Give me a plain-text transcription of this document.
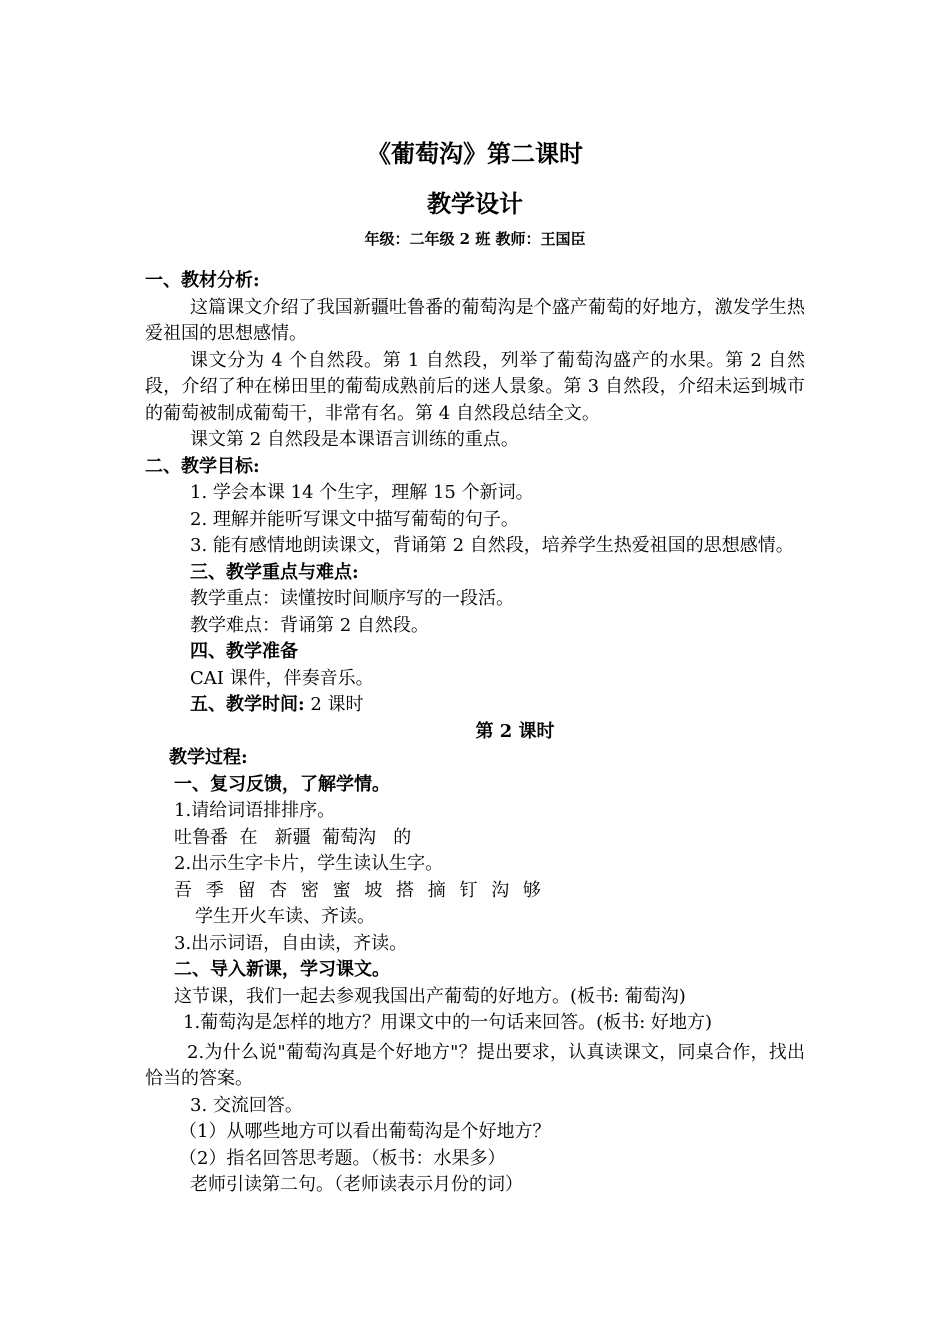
《葡萄沟》第二课时
教学设计
年级：二年级 2 班 教师：王国臣

一、教材分析:

这篇课文介绍了我国新疆吐鲁番的葡萄沟是个盛产葡萄的好地方，激发学生热爱祖国的思想感情。

课文分为 4 个自然段。第 1 自然段，列举了葡萄沟盛产的水果。第 2 自然段，介绍了种在梯田里的葡萄成熟前后的迷人景象。第 3 自然段，介绍未运到城市的葡萄被制成葡萄干，非常有名。第 4 自然段总结全文。

课文第 2 自然段是本课语言训练的重点。

二、教学目标:

1. 学会本课 14 个生字，理解 15 个新词。

2. 理解并能听写课文中描写葡萄的句子。

3. 能有感情地朗读课文，背诵第 2 自然段，培养学生热爱祖国的思想感情。

三、教学重点与难点:

教学重点：读懂按时间顺序写的一段活。

教学难点：背诵第 2 自然段。

四、教学准备

CAI 课件，伴奏音乐。

五、教学时间: 2 课时

第 2 课时

教学过程:

一、复习反馈，了解学情。

1.请给词语排排序。

吐鲁番  在   新疆  葡萄沟   的

2.出示生字卡片，学生读认生字。

吾 季 留 杏 密 蜜 坡 搭 摘 钉 沟 够

学生开火车读、齐读。

3.出示词语，自由读，齐读。

二、导入新课，学习课文。

这节课，我们一起去参观我国出产葡萄的好地方。(板书: 葡萄沟)

1.葡萄沟是怎样的地方？用课文中的一句话来回答。(板书: 好地方)

2.为什么说"葡萄沟真是个好地方"？提出要求，认真读课文，同桌合作，找出恰当的答案。

3. 交流回答。

（1）从哪些地方可以看出葡萄沟是个好地方？

（2）指名回答思考题。（板书：水果多）

老师引读第二句。（老师读表示月份的词）
